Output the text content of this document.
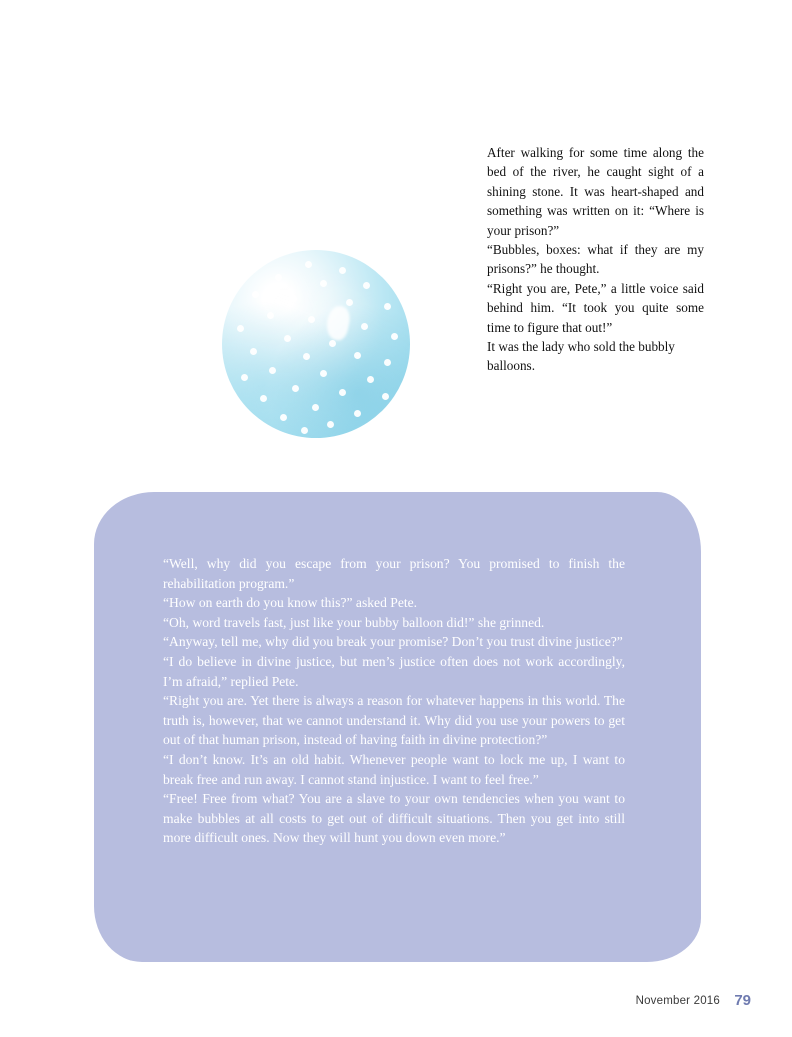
After walking for some time along the bed of the river, he caught sight of a shining stone. It was heart-shaped and something was written on it: “Where is your prison?”

“Bubbles, boxes: what if they are my prisons?” he thought.

“Right you are, Pete,” a little voice said behind him. “It took you quite some time to figure that out!”

It was the lady who sold the bubbly balloons.

“Well, why did you escape from your prison? You promised to finish the rehabilitation program.”

“How on earth do you know this?” asked Pete.

“Oh, word travels fast, just like your bubby balloon did!” she grinned.

“Anyway, tell me, why did you break your promise? Don’t you trust divine justice?”

“I do believe in divine justice, but men’s justice often does not work accordingly, I’m afraid,” replied Pete.

“Right you are. Yet there is always a reason for whatever happens in this world. The truth is, however, that we cannot understand it. Why did you use your powers to get out of that human prison, instead of having faith in divine protection?”

“I don’t know. It’s an old habit. Whenever people want to lock me up, I want to break free and run away. I cannot stand injustice. I want to feel free.”

“Free! Free from what? You are a slave to your own tendencies when you want to make bubbles at all costs to get out of difficult situations. Then you get into still more difficult ones. Now they will hunt you down even more.”

November 2016 79
